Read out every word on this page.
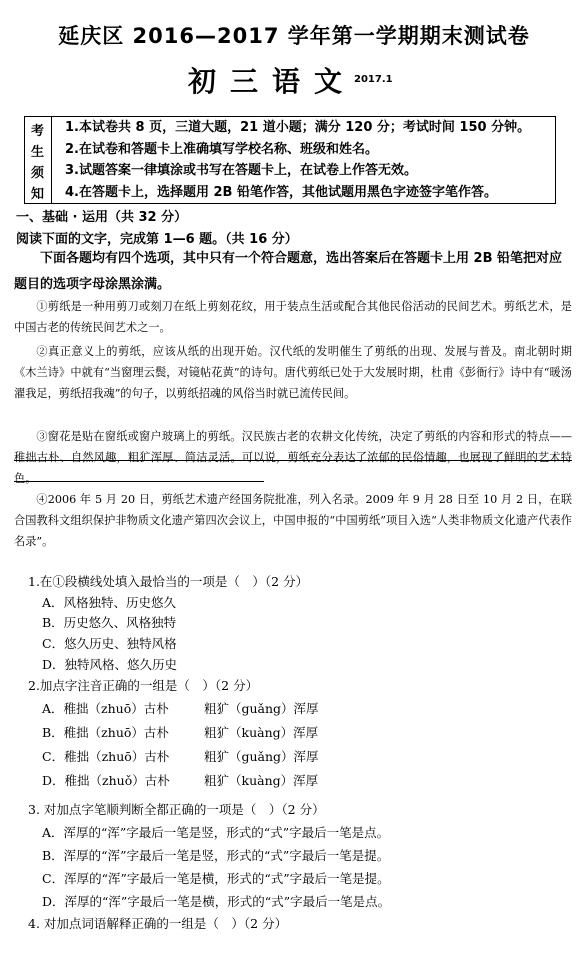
延庆区 2016—2017 学年第一学期期末测试卷
初三语文
2017.1
考
生
须
知
1.本试卷共 8 页，三道大题，21 道小题；满分 120 分；考试时间 150 分钟。
2.在试卷和答题卡上准确填写学校名称、班级和姓名。
3.试题答案一律填涂或书写在答题卡上，在试卷上作答无效。
4.在答题卡上，选择题用 2B 铅笔作答，其他试题用黑色字迹签字笔作答。
一、基础 · 运用（共 32 分）
阅读下面的文字，完成第 1—6 题。（共 16 分）
下面各题均有四个选项，其中只有一个符合题意，选出答案后在答题卡上用 2B 铅笔把对应题目的选项字母涂黑涂满。
①剪纸是一种用剪刀或刻刀在纸上剪刻花纹，用于装点生活或配合其他民俗活动的民间艺术。剪纸艺术，是中国古老的传统民间艺术之一。
②真正意义上的剪纸，应该从纸的出现开始。汉代纸的发明催生了剪纸的出现、发展与普及。南北朝时期《木兰诗》中就有“当窗理云鬓，对镜帖花黄”的诗句。唐代剪纸已处于大发展时期，杜甫《彭衙行》诗中有“暖汤濯我足，剪纸招我魂”的句子，以剪纸招魂的风俗当时就已流传民间。
③窗花是贴在窗纸或窗户玻璃上的剪纸。汉民族古老的农耕文化传统，决定了剪纸的内容和形式的特点——稚拙古朴、自然风趣，粗犷浑厚、简洁灵活。可以说，剪纸充分表达了浓郁的民俗情趣，也展现了鲜明的艺术特色。
④2006 年 5 月 20 日，剪纸艺术遗产经国务院批准，列入名录。2009 年 9 月 28 日至 10 月 2 日，在联合国教科文组织保护非物质文化遗产第四次会议上，中国申报的“中国剪纸”项目入选“人类非物质文化遗产代表作名录”。
1.在①段横线处填入最恰当的一项是（　）（2 分）
A．风格独特、历史悠久
B．历史悠久、风格独特
C．悠久历史、独特风格
D．独特风格、悠久历史
2.加点字注音正确的一组是（　）（2 分）
A．稚拙（zhuō）古朴	粗犷（guǎng）浑厚
B．稚拙（zhuō）古朴	粗犷（kuàng）浑厚
C．稚拙（zhuō）古朴	粗犷（guǎng）浑厚
D．稚拙（zhuǒ）古朴	粗犷（kuàng）浑厚
3. 对加点字笔顺判断全都正确的一项是（　）（2 分）
A．浑厚的“浑”字最后一笔是竖，形式的“式”字最后一笔是点。
B．浑厚的“浑”字最后一笔是竖，形式的“式”字最后一笔是提。
C．浑厚的“浑”字最后一笔是横，形式的“式”字最后一笔是提。
D．浑厚的“浑”字最后一笔是横，形式的“式”字最后一笔是点。
4. 对加点词语解释正确的一组是（　）（2 分）
